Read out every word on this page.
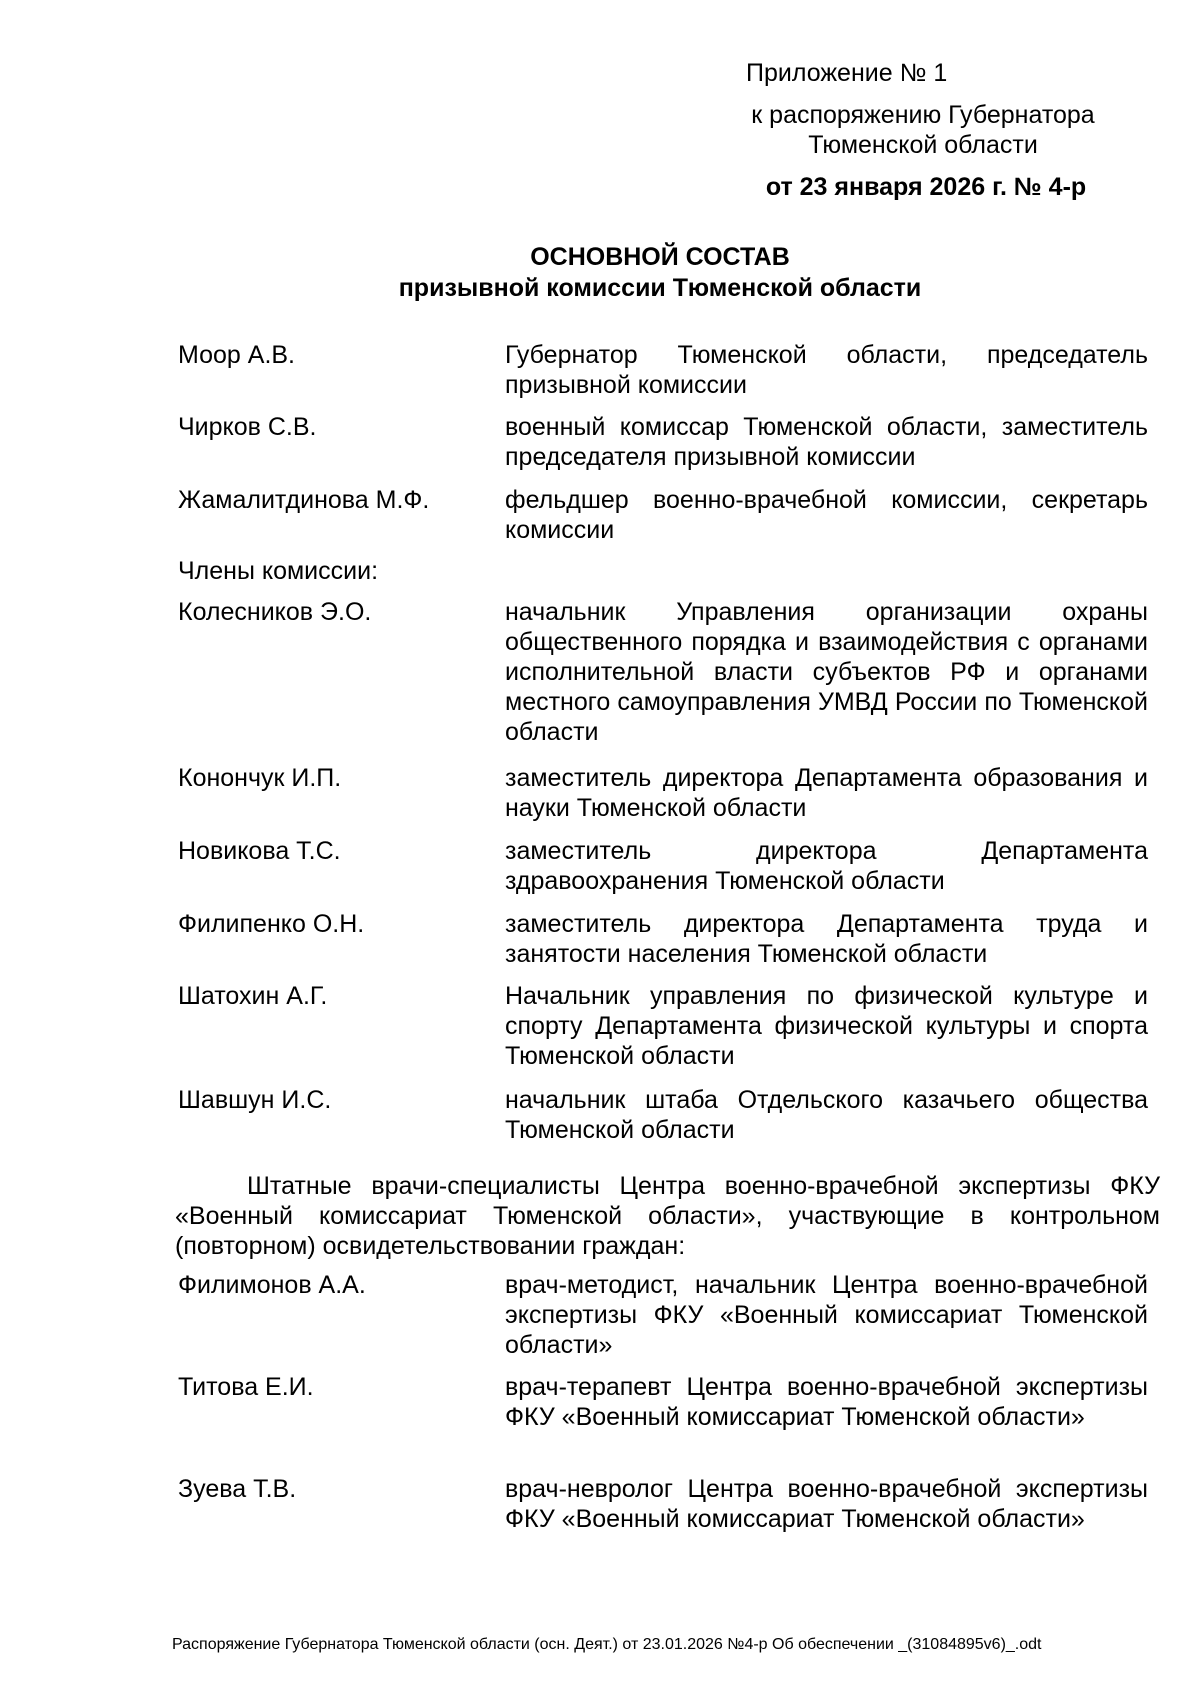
Приложение № 1
к распоряжению Губернатора
Тюменской области
от 23 января 2026 г. № 4-р
ОСНОВНОЙ СОСТАВ
призывной комиссии Тюменской области
Моор А.В.	Губернатор Тюменской области, председатель призывной комиссии
Чирков С.В.	военный комиссар Тюменской области, заместитель председателя призывной комиссии
Жамалитдинова М.Ф.	фельдшер военно-врачебной комиссии, секретарь комиссии
Члены комиссии:
Колесников Э.О.	начальник Управления организации охраны общественного порядка и взаимодействия с органами исполнительной власти субъектов РФ и органами местного самоуправления УМВД России по Тюменской области
Конончук И.П.	заместитель директора Департамента образования и науки Тюменской области
Новикова Т.С.	заместитель директора Департамента здравоохранения Тюменской области
Филипенко О.Н.	заместитель директора Департамента труда и занятости населения Тюменской области
Шатохин А.Г.	Начальник управления по физической культуре и спорту Департамента физической культуры и спорта Тюменской области
Шавшун И.С.	начальник штаба Отдельского казачьего общества Тюменской области
Штатные врачи-специалисты Центра военно-врачебной экспертизы ФКУ «Военный комиссариат Тюменской области», участвующие в контрольном (повторном) освидетельствовании граждан:
Филимонов А.А.	врач-методист, начальник Центра военно-врачебной экспертизы ФКУ «Военный комиссариат Тюменской области»
Титова Е.И.	врач-терапевт Центра военно-врачебной экспертизы ФКУ «Военный комиссариат Тюменской области»
Зуева Т.В.	врач-невролог Центра военно-врачебной экспертизы ФКУ «Военный комиссариат Тюменской области»
Распоряжение Губернатора Тюменской области (осн. Деят.) от 23.01.2026 №4-р Об обеспечении _(31084895v6)_.odt
